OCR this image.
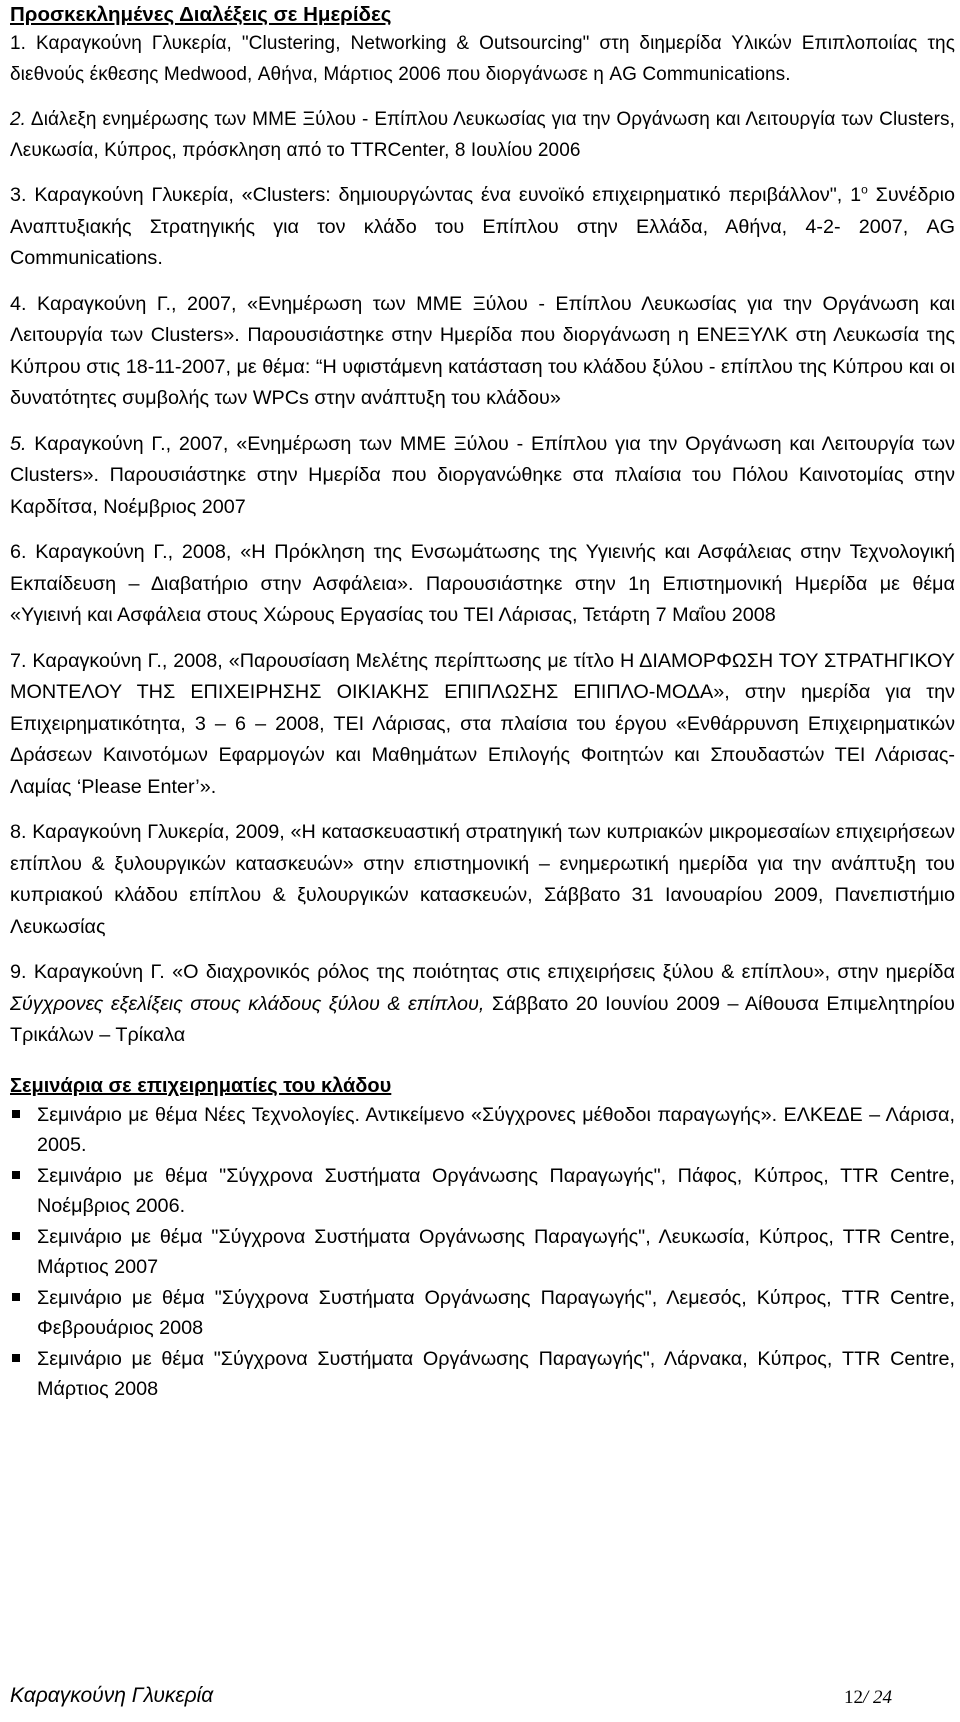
Προσκεκλημένες Διαλέξεις σε Ημερίδες
1. Καραγκούνη Γλυκερία, "Clustering, Networking & Outsourcing" στη διημερίδα Υλικών Επιπλοποιίας της διεθνούς έκθεσης Medwood, Αθήνα, Μάρτιος 2006 που διοργάνωσε η AG Communications.
2. Διάλεξη ενημέρωσης των ΜΜΕ Ξύλου - Επίπλου Λευκωσίας για την Οργάνωση και Λειτουργία των Clusters, Λευκωσία, Κύπρος, πρόσκληση από το TTRCenter, 8 Ιουλίου 2006
3. Καραγκούνη Γλυκερία, «Clusters: δημιουργώντας ένα ευνοϊκό επιχειρηματικό περιβάλλον", $1^o$ Συνέδριο Αναπτυξιακής Στρατηγικής για τον κλάδο του Επίπλου στην Ελλάδα, Αθήνα, 4-2- 2007, AG Communications.
4. Καραγκούνη Γ., 2007, «Ενημέρωση των ΜΜΕ Ξύλου - Επίπλου Λευκωσίας για την Οργάνωση και Λειτουργία των Clusters». Παρουσιάστηκε στην Ημερίδα που διοργάνωση η ΕΝΕΞΥΛΚ στη Λευκωσία της Κύπρου στις 18-11-2007, με θέμα: “Η υφιστάμενη κατάσταση του κλάδου ξύλου - επίπλου της Κύπρου και οι δυνατότητες συμβολής των WPCs στην ανάπτυξη του κλάδου»
5. Καραγκούνη Γ., 2007, «Ενημέρωση των ΜΜΕ Ξύλου - Επίπλου για την Οργάνωση και Λειτουργία των Clusters». Παρουσιάστηκε στην Ημερίδα που διοργανώθηκε στα πλαίσια του Πόλου Καινοτομίας στην Καρδίτσα, Νοέμβριος 2007
6. Καραγκούνη Γ., 2008, «Η Πρόκληση της Ενσωμάτωσης της Υγιεινής και Ασφάλειας στην Τεχνολογική Εκπαίδευση – Διαβατήριο στην Ασφάλεια». Παρουσιάστηκε στην 1η Επιστημονική Ημερίδα με θέμα «Υγιεινή και Ασφάλεια στους Χώρους Εργασίας του ΤΕΙ Λάρισας, Τετάρτη 7 Μαΐου 2008
7. Καραγκούνη Γ., 2008, «Παρουσίαση Μελέτης περίπτωσης με τίτλο Η ΔΙΑΜΟΡΦΩΣΗ ΤΟΥ ΣΤΡΑΤΗΓΙΚΟΥ ΜΟΝΤΕΛΟΥ ΤΗΣ ΕΠΙΧΕΙΡΗΣΗΣ ΟΙΚΙΑΚΗΣ ΕΠΙΠΛΩΣΗΣ ΕΠΙΠΛΟ-ΜΟΔΑ», στην ημερίδα για την Επιχειρηματικότητα, 3 – 6 – 2008, ΤΕΙ Λάρισας, στα πλαίσια του έργου «Ενθάρρυνση Επιχειρηματικών Δράσεων Καινοτόμων Εφαρμογών και Μαθημάτων Επιλογής Φοιτητών και Σπουδαστών ΤΕΙ Λάρισας-Λαμίας ‘Please Enter’».
8. Καραγκούνη Γλυκερία, 2009, «Η κατασκευαστική στρατηγική των κυπριακών μικρομεσαίων επιχειρήσεων επίπλου & ξυλουργικών κατασκευών» στην επιστημονική – ενημερωτική ημερίδα για την ανάπτυξη του κυπριακού κλάδου επίπλου & ξυλουργικών κατασκευών, Σάββατο 31 Ιανουαρίου 2009, Πανεπιστήμιο Λευκωσίας
9. Καραγκούνη Γ. «Ο διαχρονικός ρόλος της ποιότητας στις επιχειρήσεις ξύλου & επίπλου», στην ημερίδα Σύγχρονες εξελίξεις στους κλάδους ξύλου & επίπλου, Σάββατο 20 Ιουνίου 2009 – Αίθουσα Επιμελητηρίου Τρικάλων – Τρίκαλα
Σεμινάρια σε επιχειρηματίες του κλάδου
Σεμινάριο με θέμα Νέες Τεχνολογίες. Αντικείμενο «Σύγχρονες μέθοδοι παραγωγής». ΕΛΚΕΔΕ – Λάρισα, 2005.
Σεμινάριο με θέμα "Σύγχρονα Συστήματα Οργάνωσης Παραγωγής", Πάφος, Κύπρος, TTR Centre, Νοέμβριος 2006.
Σεμινάριο με θέμα "Σύγχρονα Συστήματα Οργάνωσης Παραγωγής", Λευκωσία, Κύπρος, TTR Centre, Μάρτιος 2007
Σεμινάριο με θέμα "Σύγχρονα Συστήματα Οργάνωσης Παραγωγής", Λεμεσός, Κύπρος, TTR Centre, Φεβρουάριος 2008
Σεμινάριο με θέμα "Σύγχρονα Συστήματα Οργάνωσης Παραγωγής", Λάρνακα, Κύπρος, TTR Centre, Μάρτιος 2008
Καραγκούνη Γλυκερία	12/ 24
